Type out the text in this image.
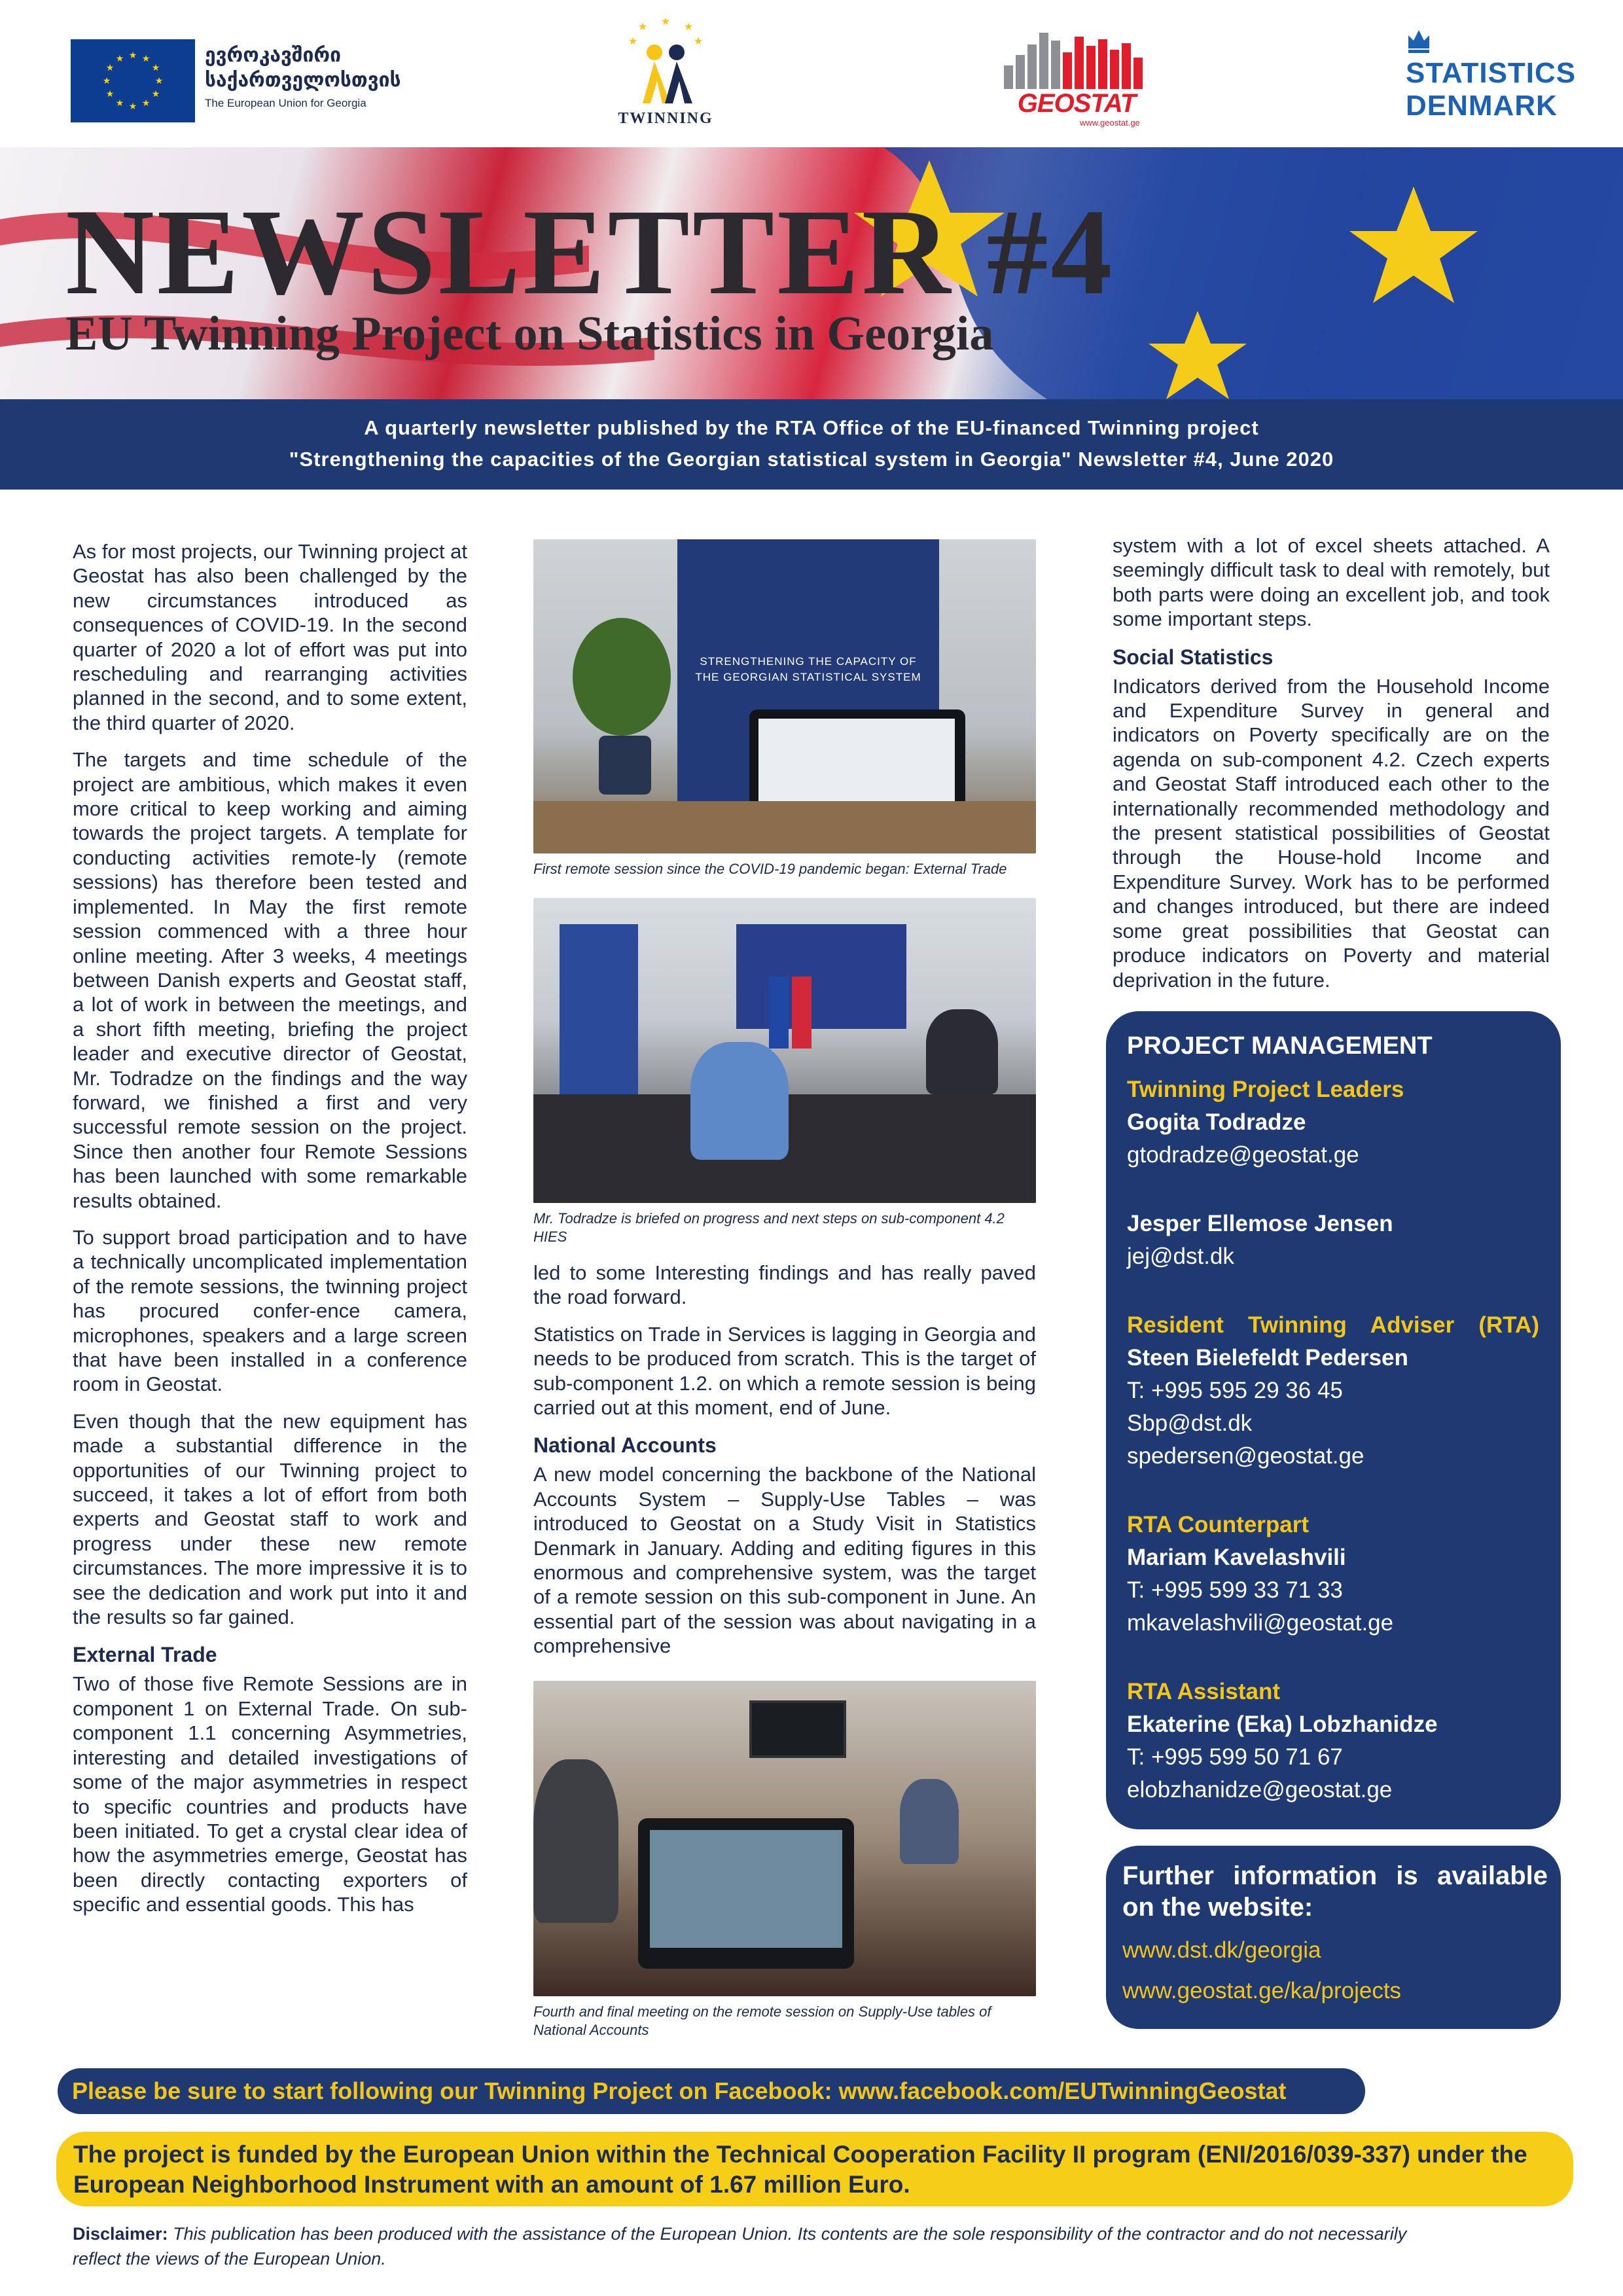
★ ★
★
★
★
★
★
★
★
★
★
★	ევროკავშირი
საქართველოსთვის
The European Union for Georgia
★
★ ★ ★
★
TWINNING
GEOSTAT
www.geostat.ge
STATISTICS
DENMARK
NEWSLETTER #4
EU Twinning Project on Statistics in Georgia
A quarterly newsletter published by the RTA Office of the EU-financed Twinning project
"Strengthening the capacities of the Georgian statistical system in Georgia" Newsletter #4, June 2020

As for most projects, our Twinning project at Geostat has also been challenged by the new circumstances introduced as consequences of COVID-19. In the second quarter of 2020 a lot of effort was put into rescheduling and rearranging activities planned in the second, and to some extent, the third quarter of 2020.

The targets and time schedule of the project are ambitious, which makes it even more critical to keep working and aiming towards the project targets. A template for conducting activities remote-ly (remote sessions) has therefore been tested and implemented. In May the first remote session commenced with a three hour online meeting. After 3 weeks, 4 meetings between Danish experts and Geostat staff, a lot of work in between the meetings, and a short fifth meeting, briefing the project leader and executive director of Geostat, Mr. Todradze on the findings and the way forward, we finished a first and very successful remote session on the project. Since then another four Remote Sessions has been launched with some remarkable results obtained.

To support broad participation and to have a technically uncomplicated implementation of the remote sessions, the twinning project has procured confer-ence camera, microphones, speakers and a large screen that have been installed in a conference room in Geostat.

Even though that the new equipment has made a substantial difference in the opportunities of our Twinning project to succeed, it takes a lot of effort from both experts and Geostat staff to work and progress under these new remote circumstances. The more impressive it is to see the dedication and work put into it and the results so far gained.

External Trade

Two of those five Remote Sessions are in component 1 on External Trade. On sub-component 1.1 concerning Asymmetries, interesting and detailed investigations of some of the major asymmetries in respect to specific countries and products have been initiated. To get a crystal clear idea of how the asymmetries emerge, Geostat has been directly contacting exporters of specific and essential goods. This has

STRENGTHENING THE CAPACITY OF THE GEORGIAN STATISTICAL SYSTEM
First remote session since the COVID-19 pandemic began: External Trade
Mr. Todradze is briefed on progress and next steps on sub-component 4.2 HIES

led to some Interesting findings and has really paved the road forward.

Statistics on Trade in Services is lagging in Georgia and needs to be produced from scratch. This is the target of sub-component 1.2. on which a remote session is being carried out at this moment, end of June.

National Accounts

A new model concerning the backbone of the National Accounts System – Supply-Use Tables – was introduced to Geostat on a Study Visit in Statistics Denmark in January. Adding and editing figures in this enormous and comprehensive system, was the target of a remote session on this sub-component in June. An essential part of the session was about navigating in a comprehensive

Fourth and final meeting on the remote session on Supply-Use tables of National Accounts

system with a lot of excel sheets attached. A seemingly difficult task to deal with remotely, but both parts were doing an excellent job, and took some important steps.

Social Statistics

Indicators derived from the Household Income and Expenditure Survey in general and indicators on Poverty specifically are on the agenda on sub-component 4.2. Czech experts and Geostat Staff introduced each other to the internationally recommended methodology and the present statistical possibilities of Geostat through the House-hold Income and Expenditure Survey. Work has to be performed and changes introduced, but there are indeed some great possibilities that Geostat can produce indicators on Poverty and material deprivation in the future.

PROJECT MANAGEMENT
Twinning Project Leaders
Gogita Todradze
gtodradze@geostat.ge
Jesper Ellemose Jensen
jej@dst.dk
Resident Twinning Adviser (RTA)
Steen Bielefeldt Pedersen
T: +995 595 29 36 45
Sbp@dst.dk
spedersen@geostat.ge
RTA Counterpart
Mariam Kavelashvili
T: +995 599 33 71 33
mkavelashvili@geostat.ge
RTA Assistant
Ekaterine (Eka) Lobzhanidze
T: +995 599 50 71 67
elobzhanidze@geostat.ge
Further information is available on the website:
www.dst.dk/georgia
www.geostat.ge/ka/projects
Please be sure to start following our Twinning Project on Facebook: www.facebook.com/EUTwinningGeostat
The project is funded by the European Union within the Technical Cooperation Facility II program (ENI/2016/039-337) under the European Neighborhood Instrument with an amount of 1.67 million Euro.
Disclaimer: This publication has been produced with the assistance of the European Union. Its contents are the sole responsibility of the contractor and do not necessarily reflect the views of the European Union.
